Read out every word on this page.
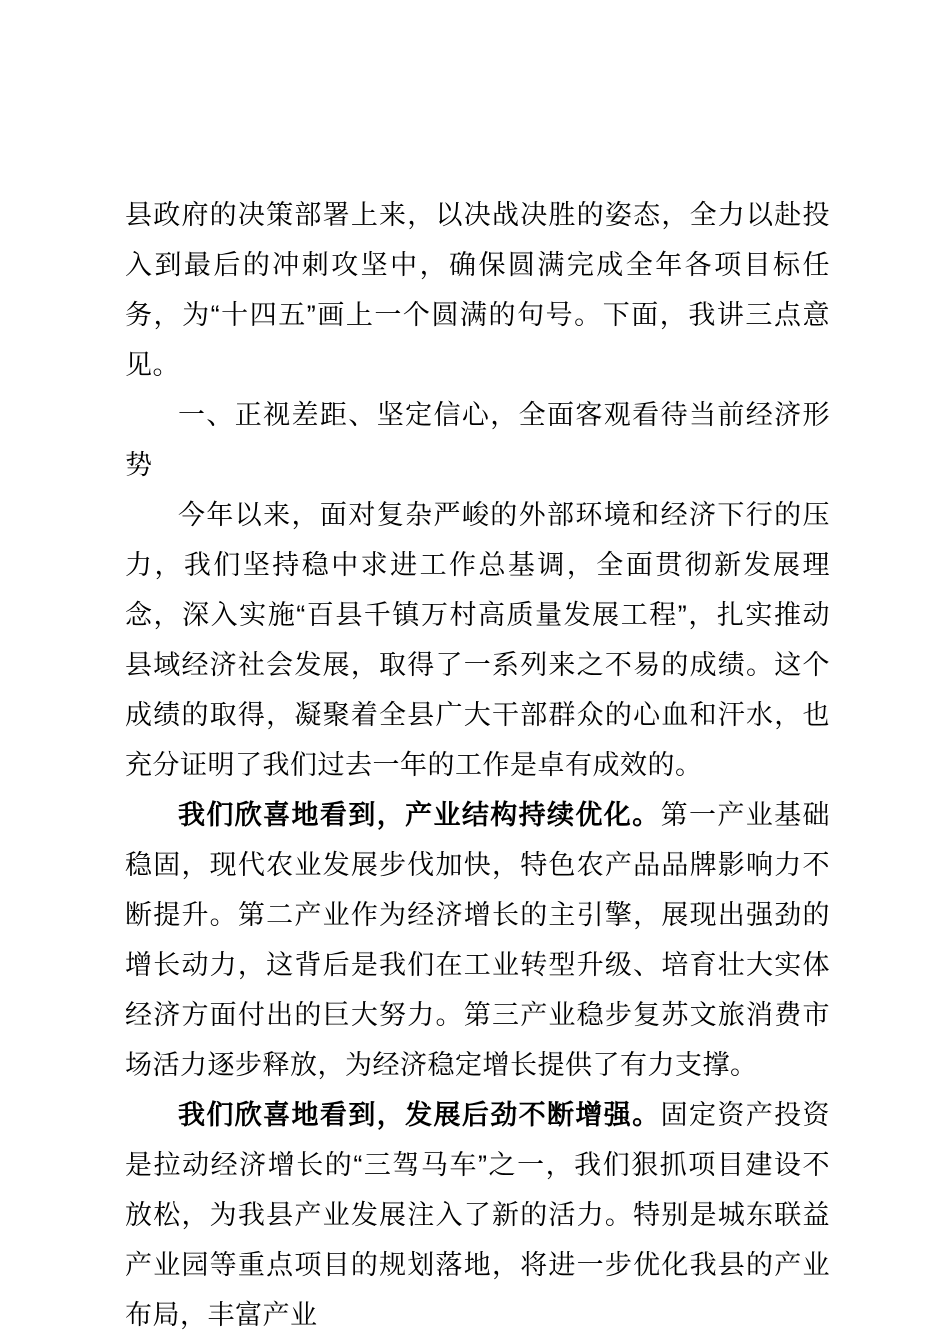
县政府的决策部署上来，以决战决胜的姿态，全力以赴投入到最后的冲刺攻坚中，确保圆满完成全年各项目标任务，为“十四五”画上一个圆满的句号。下面，我讲三点意见。

一、正视差距、坚定信心，全面客观看待当前经济形势

今年以来，面对复杂严峻的外部环境和经济下行的压力，我们坚持稳中求进工作总基调，全面贯彻新发展理念，深入实施“百县千镇万村高质量发展工程”，扎实推动县域经济社会发展，取得了一系列来之不易的成绩。这个成绩的取得，凝聚着全县广大干部群众的心血和汗水，也充分证明了我们过去一年的工作是卓有成效的。

我们欣喜地看到，产业结构持续优化。第一产业基础稳固，现代农业发展步伐加快，特色农产品品牌影响力不断提升。第二产业作为经济增长的主引擎，展现出强劲的增长动力，这背后是我们在工业转型升级、培育壮大实体经济方面付出的巨大努力。第三产业稳步复苏文旅消费市场活力逐步释放，为经济稳定增长提供了有力支撑。

我们欣喜地看到，发展后劲不断增强。固定资产投资是拉动经济增长的“三驾马车”之一，我们狠抓项目建设不放松，为我县产业发展注入了新的活力。特别是城东联益产业园等重点项目的规划落地，将进一步优化我县的产业布局，丰富产业
